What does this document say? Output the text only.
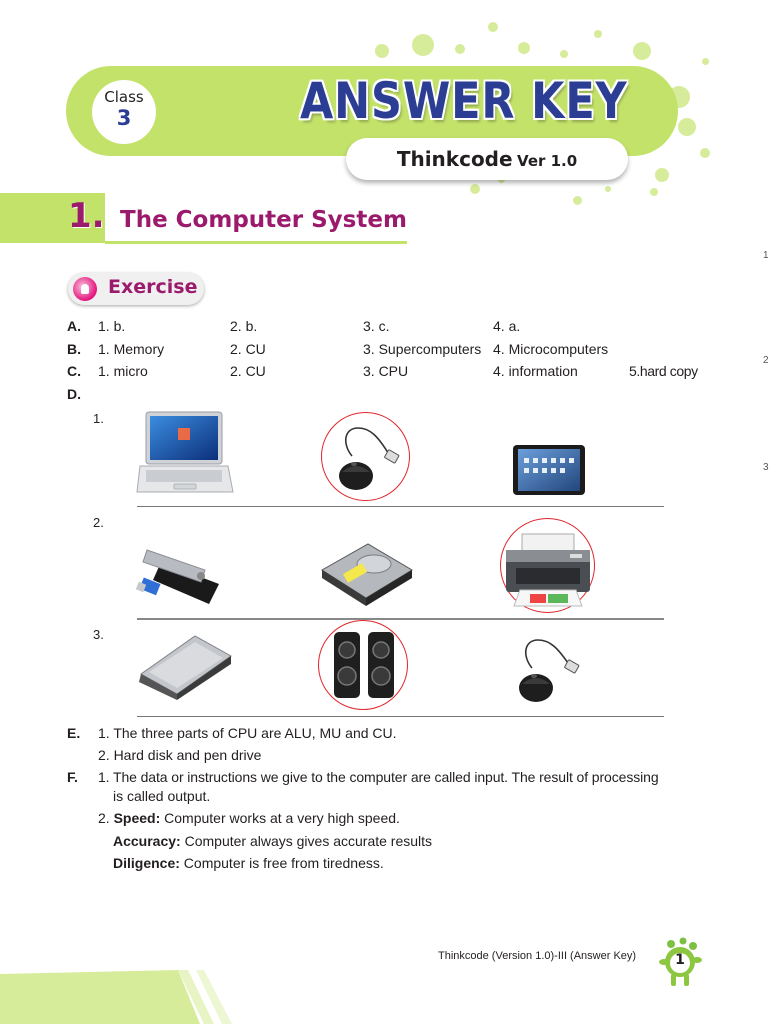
Class
3	ANSWER KEY
Thinkcode Ver 1.0
1. The Computer System
Exercise
A. 1. b.	2. b.	3. c.	4. a.
B. 1. Memory	2. CU	3. Supercomputers 4. Microcomputers
C. 1. micro	2. CU	3. CPU	4. information	5.hard copy
D.
1.
2.
3.
E. 1. The three parts of CPU are ALU, MU and CU.
2. Hard disk and pen drive
F. 1. The data or instructions we give to the computer are called input. The result of processing
is called output.
2. Speed: Computer works at a very high speed.
Accuracy: Computer always gives accurate results
Diligence: Computer is free from tiredness.
Thinkcode (Version 1.0)-III (Answer Key)	1
1
2
3
